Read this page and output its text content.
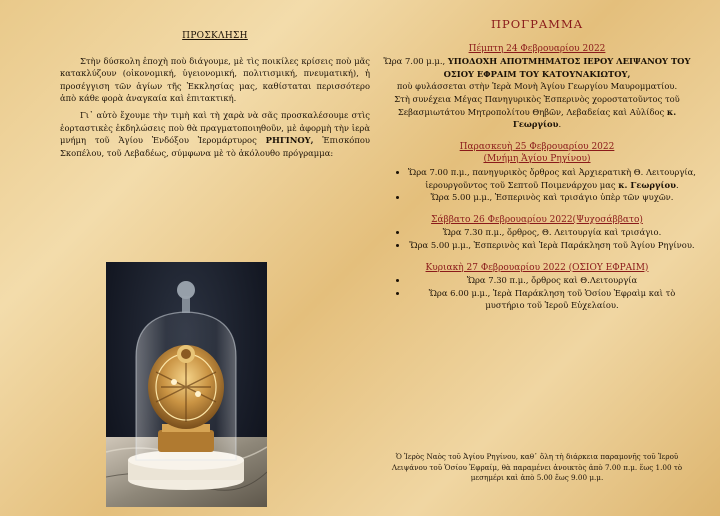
ΠΡΟΣΚΛΗΣΗ

Στὴν δύσκολη ἐποχὴ ποὺ διάγουμε, μὲ τὶς ποικίλες κρίσεις ποὺ μᾶς κατακλύζουν (οἰκονομική, ὑγειονομική, πολιτισμική, πνευματική), ἡ προσέγγιση τῶν ἁγίων τῆς Ἐκκλησίας μας, καθίσταται περισσότερο ἀπὸ κάθε φορὰ ἀναγκαία καὶ ἐπιτακτική.

Γι᾽ αὐτὸ ἔχουμε τὴν τιμὴ καὶ τὴ χαρὰ νὰ σᾶς προσκαλέσουμε στὶς ἑορταστικὲς ἐκδηλώσεις ποὺ θὰ πραγματοποιηθοῦν, μὲ ἀφορμὴ τὴν ἱερὰ μνήμη τοῦ Ἁγίου Ἐνδόξου Ἱερομάρτυρος ΡΗΓΙΝΟΥ, Ἐπισκόπου Σκοπέλου, τοῦ Λεβαδέως, σύμφωνα μὲ τὸ ἀκόλουθο πρόγραμμα:

ΠΡΟΓΡΑΜΜΑ
Πέμπτη 24 Φεβρουαρίου 2022
Ὥρα 7.00 μ.μ., ΥΠΟΔΟΧΗ ΑΠΟΤΜΗΜΑΤΟΣ ΙΕΡΟΥ ΛΕΙΨΑΝΟΥ ΤΟΥ ΟΣΙΟΥ ΕΦΡΑΙΜ ΤΟΥ ΚΑΤΟΥΝΑΚΙΩΤΟΥ,
ποὺ φυλάσσεται στὴν Ἱερὰ Μονὴ Ἁγίου Γεωργίου Μαυρομματίου.
Στὴ συνέχεια Μέγας Πανηγυρικὸς Ἑσπερινὸς χοροστατοῦντος τοῦ Σεβασμιωτάτου Μητροπολίτου Θηβῶν, Λεβαδείας καὶ Αὐλίδος κ. Γεωργίου.
Παρασκευὴ 25 Φεβρουαρίου 2022
(Μνήμη Ἁγίου Ρηγίνου)
• Ὥρα 7.00 π.μ., πανηγυρικὸς ὄρθρος καὶ Ἀρχιερατικὴ Θ. Λειτουργία, ἱερουργοῦντος τοῦ Σεπτοῦ Ποιμενάρχου μας κ. Γεωργίου.
• Ὥρα 5.00 μ.μ., Ἑσπερινὸς καὶ τρισάγιο ὑπὲρ τῶν ψυχῶν.
Σάββατο 26 Φεβρουαρίου 2022(Ψυχοσάββατο)
• Ὥρα 7.30 π.μ., ὄρθρος, Θ. Λειτουργία καὶ τρισάγιο.
• Ὥρα 5.00 μ.μ., Ἑσπερινὸς καὶ Ἱερὰ Παράκληση τοῦ Ἁγίου Ρηγίνου.
Κυριακὴ 27 Φεβρουαρίου 2022 (ΟΣΙΟΥ ΕΦΡΑΙΜ)
• Ὥρα 7.30 π.μ., ὄρθρος καὶ Θ.Λειτουργία
• Ὥρα 6.00 μ.μ., Ἱερὰ Παράκληση τοῦ Ὁσίου Ἐφραὶμ καὶ τὸ μυστήριο τοῦ Ἱεροῦ Εὐχελαίου.
Ὁ Ἱερὸς Ναὸς τοῦ Ἁγίου Ρηγίνου, καθ᾽ ὅλη τὴ διάρκεια παραμονῆς τοῦ Ἱεροῦ Λειψάνου τοῦ Ὁσίου Ἐφραίμ, θὰ παραμένει ἀνοικτὸς ἀπὸ 7.00 π.μ. ἕως 1.00 τὸ μεσημέρι καὶ ἀπὸ 5.00 ἕως 9.00 μ.μ.
